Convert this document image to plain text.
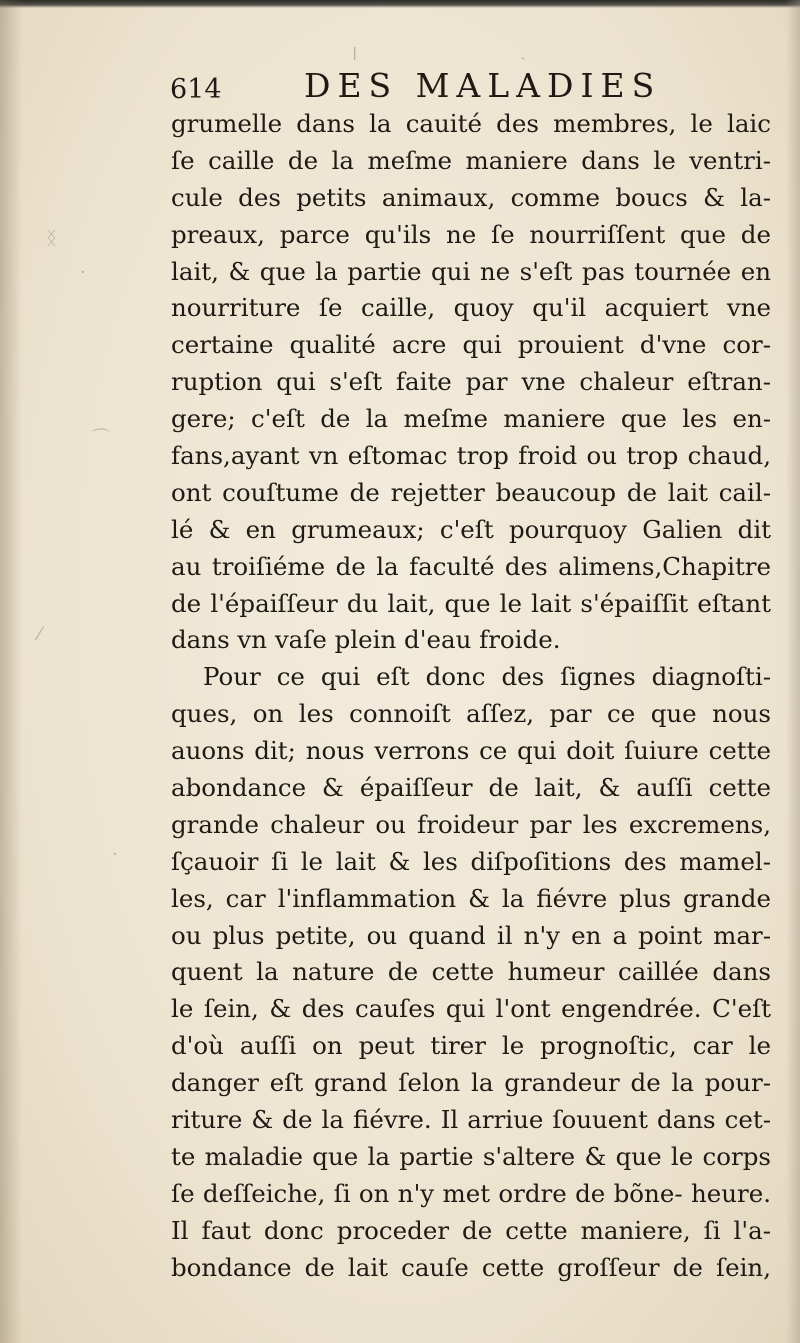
614 DES MALADIES
grumelle dans la cauité des membres, le laic
ſe caille de la meſme maniere dans le ventri-
cule des petits animaux, comme boucs & la-
preaux, parce qu'ils ne ſe nourriſſent que de
lait, & que la partie qui ne s'eſt pas tournée en
nourriture ſe caille, quoy qu'il acquiert vne
certaine qualité acre qui prouient d'vne cor-
ruption qui s'eſt faite par vne chaleur eſtran-
gere; c'eſt de la meſme maniere que les en-
fans,ayant vn eſtomac trop froid ou trop chaud,
ont couſtume de rejetter beaucoup de lait cail-
lé & en grumeaux; c'eſt pourquoy Galien dit
au troiſiéme de la faculté des alimens,Chapitre
de l'épaiſſeur du lait, que le lait s'épaiſſit eſtant
dans vn vaſe plein d'eau froide.
Pour ce qui eſt donc des ſignes diagnoſti-
ques, on les connoiſt aſſez, par ce que nous
auons dit; nous verrons ce qui doit ſuiure cette
abondance & épaiſſeur de lait, & auſſi cette
grande chaleur ou froideur par les excremens,
ſçauoir ſi le lait & les diſpoſitions des mamel-
les, car l'inflammation & la fiévre plus grande
ou plus petite, ou quand il n'y en a point mar-
quent la nature de cette humeur caillée dans
le ſein, & des cauſes qui l'ont engendrée. C'eſt
d'où auſſi on peut tirer le prognoſtic, car le
danger eſt grand ſelon la grandeur de la pour-
riture & de la fiévre. Il arriue ſouuent dans cet-
te maladie que la partie s'altere & que le corps
ſe deſſeiche, ſi on n'y met ordre de bõne- heure.
Il faut donc proceder de cette maniere, ſi l'a-
bondance de lait cauſe cette groſſeur de ſein,
ᛝ
·
ǀ	ˎ
⌒
⁄
·
